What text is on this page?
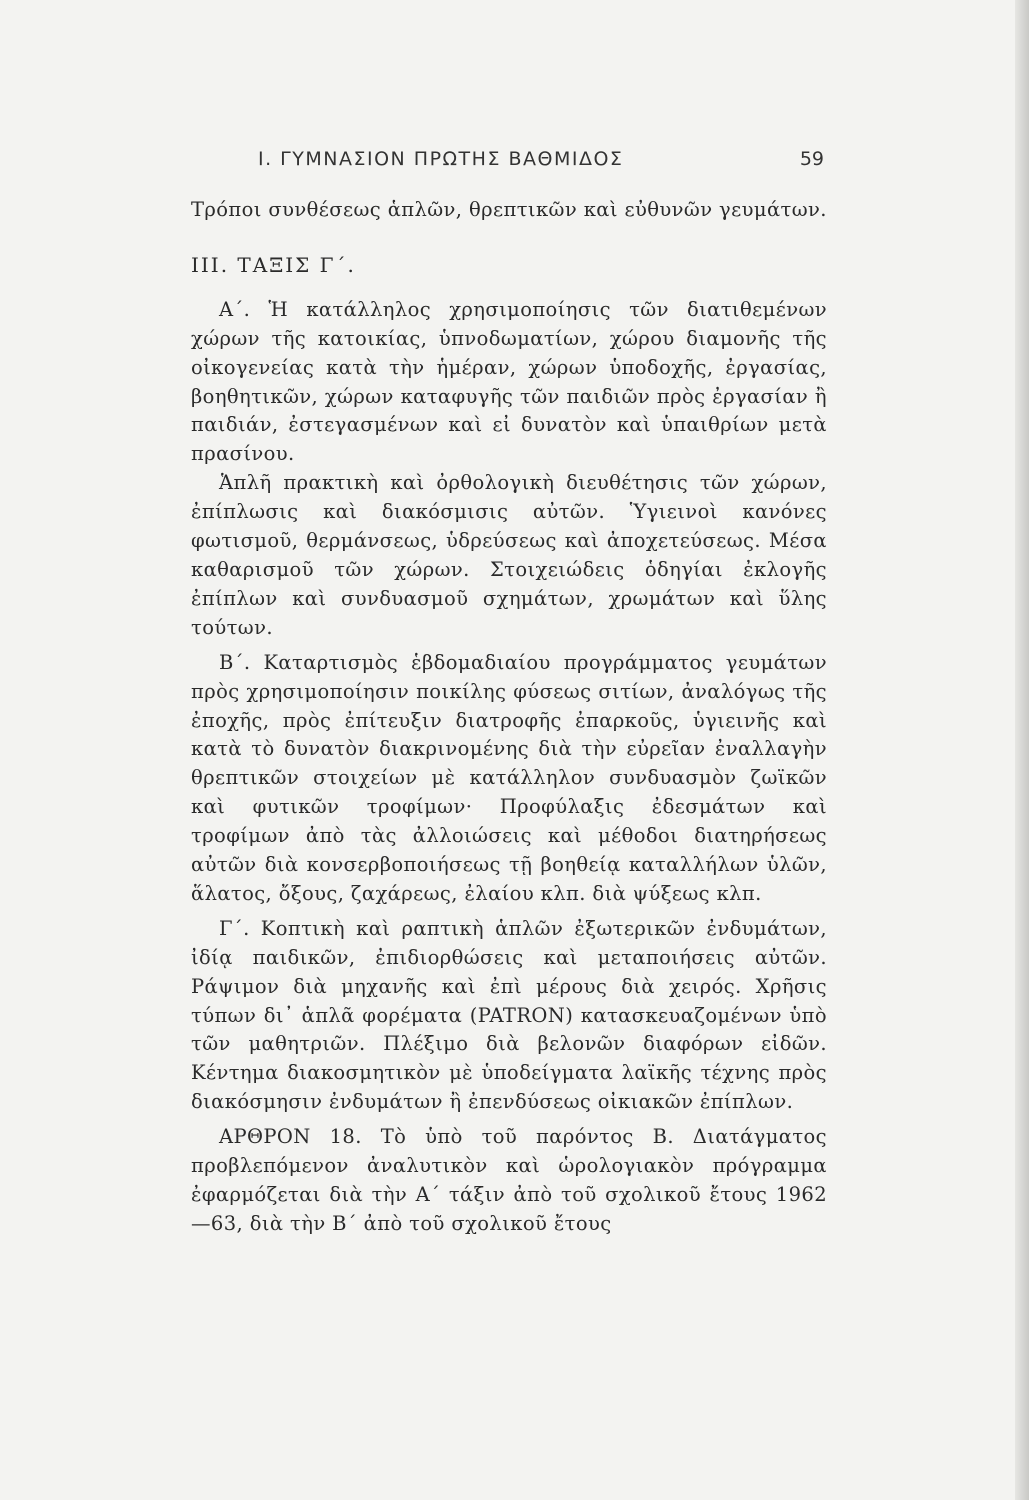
Ι. ΓΥΜΝΑΣΙΟΝ ΠΡΩΤΗΣ ΒΑΘΜΙΔΟΣ	59

Τρόποι συνθέσεως ἁπλῶν, θρεπτικῶν καὶ εὐθυνῶν γευμάτων.

ΙΙΙ. ΤΑΞΙΣ Γ΄.

Α΄. Ἡ κατάλληλος χρησιμοποίησις τῶν διατιθεμένων χώρων τῆς κατοικίας, ὑπνοδωματίων, χώρου διαμονῆς τῆς οἰκογενείας κατὰ τὴν ἡμέραν, χώρων ὑποδοχῆς, ἐργασίας, βοηθητικῶν, χώρων καταφυγῆς τῶν παιδιῶν πρὸς ἐργασίαν ἢ παιδιάν, ἐστεγασμένων καὶ εἰ δυνατὸν καὶ ὑπαιθρίων μετὰ πρασίνου.

Ἁπλῆ πρακτικὴ καὶ ὀρθολογικὴ διευθέτησις τῶν χώρων, ἐπίπλωσις καὶ διακόσμισις αὐτῶν. Ὑγιεινοὶ κανόνες φωτισμοῦ, θερμάνσεως, ὑδρεύσεως καὶ ἀποχετεύσεως. Μέσα καθαρισμοῦ τῶν χώρων. Στοιχειώδεις ὁδηγίαι ἐκλογῆς ἐπίπλων καὶ συνδυασμοῦ σχημάτων, χρωμάτων καὶ ὕλης τούτων.

Β΄. Καταρτισμὸς ἑβδομαδιαίου προγράμματος γευμάτων πρὸς χρησιμοποίησιν ποικίλης φύσεως σιτίων, ἀναλόγως τῆς ἐποχῆς, πρὸς ἐπίτευξιν διατροφῆς ἐπαρκοῦς, ὑγιεινῆς καὶ κατὰ τὸ δυνατὸν διακρινομένης διὰ τὴν εὐρεῖαν ἐναλλαγὴν θρεπτικῶν στοιχείων μὲ κατάλληλον συνδυασμὸν ζωϊκῶν καὶ φυτικῶν τροφίμων· Προφύλαξις ἐδεσμάτων καὶ τροφίμων ἀπὸ τὰς ἀλλοιώσεις καὶ μέθοδοι διατηρήσεως αὐτῶν διὰ κονσερβοποιήσεως τῇ βοηθείᾳ καταλλήλων ὑλῶν, ἅλατος, ὄξους, ζαχάρεως, ἐλαίου κλπ. διὰ ψύξεως κλπ.

Γ΄. Κοπτικὴ καὶ ραπτικὴ ἁπλῶν ἐξωτερικῶν ἐνδυμάτων, ἰδίᾳ παιδικῶν, ἐπιδιορθώσεις καὶ μεταποιήσεις αὐτῶν. Ράψιμον διὰ μηχανῆς καὶ ἐπὶ μέρους διὰ χειρός. Χρῆσις τύπων δι᾽ ἁπλᾶ φορέματα (PATRON) κατασκευαζομένων ὑπὸ τῶν μαθητριῶν. Πλέξιμο διὰ βελονῶν διαφόρων εἰδῶν. Κέντημα διακοσμητικὸν μὲ ὑποδείγματα λαϊκῆς τέχνης πρὸς διακόσμησιν ἐνδυμάτων ἢ ἐπενδύσεως οἰκιακῶν ἐπίπλων.

ΑΡΘΡΟΝ 18. Τὸ ὑπὸ τοῦ παρόντος Β. Διατάγματος προβλεπόμενον ἀναλυτικὸν καὶ ὡρολογιακὸν πρόγραμμα ἐφαρμόζεται διὰ τὴν Α΄ τάξιν ἀπὸ τοῦ σχολικοῦ ἔτους 1962—63, διὰ τὴν Β΄ ἀπὸ τοῦ σχολικοῦ ἔτους
